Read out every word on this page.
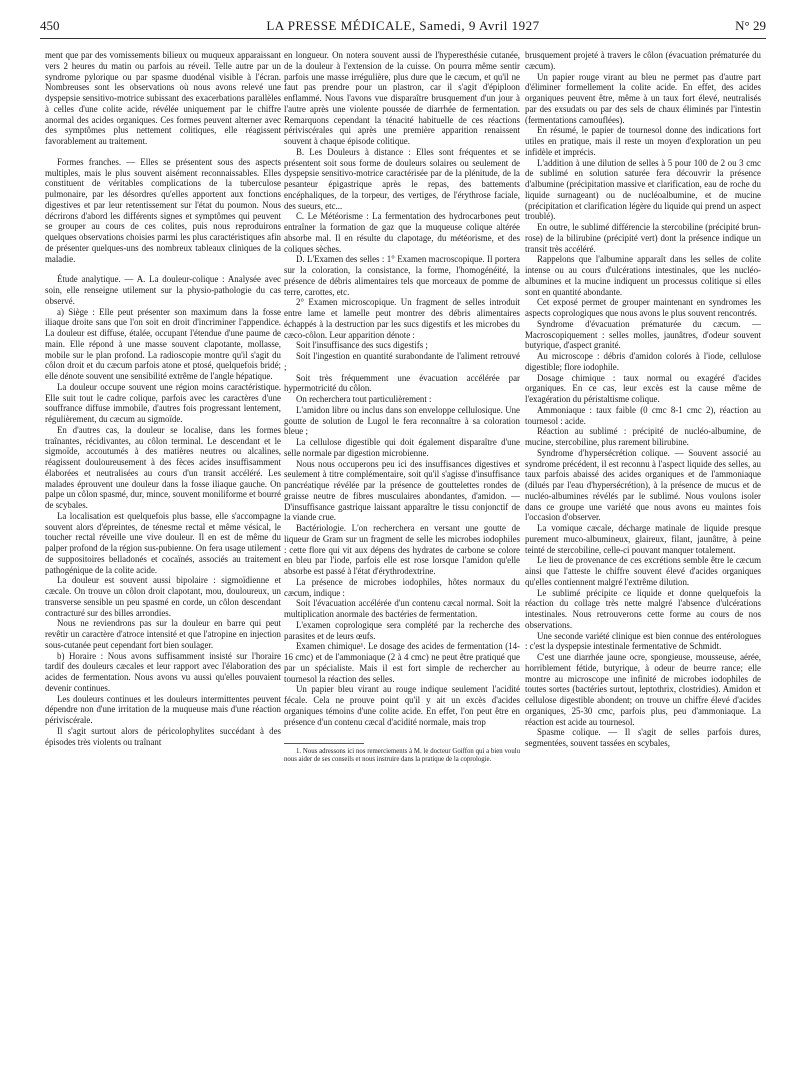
450	LA PRESSE MÉDICALE, Samedi, 9 Avril 1927	N° 29

ment que par des vomissements bilieux ou muqueux apparaissant vers 2 heures du matin ou parfois au réveil. Telle autre par un syndrome pylorique ou par spasme duodénal visible à l'écran. Nombreuses sont les observations où nous avons relevé une dyspepsie sensitivo-motrice subissant des exacerbations parallèles à celles d'une colite acide, révélée uniquement par le chiffre anormal des acides organiques. Ces formes peuvent alterner avec des symptômes plus nettement colitiques, elle réagissent favorablement au traitement.

Formes franches. — Elles se présentent sous des aspects multiples, mais le plus souvent aisément reconnaissables. Elles constituent de véritables complications de la tuberculose pulmonaire, par les désordres qu'elles apportent aux fonctions digestives et par leur retentissement sur l'état du poumon. Nous décrirons d'abord les différents signes et symptômes qui peuvent se grouper au cours de ces colites, puis nous reproduirons quelques observations choisies parmi les plus caractéristiques afin de présenter quelques-uns des nombreux tableaux cliniques de la maladie.

Étude analytique. — A. La douleur-colique : Analysée avec soin, elle renseigne utilement sur la physio-pathologie du cas observé.

a) Siège : Elle peut présenter son maximum dans la fosse iliaque droite sans que l'on soit en droit d'incriminer l'appendice. La douleur est diffuse, étalée, occupant l'étendue d'une paume de main. Elle répond à une masse souvent clapotante, mollasse, mobile sur le plan profond. La radioscopie montre qu'il s'agit du côlon droit et du cæcum parfois atone et ptosé, quelquefois bridé; elle dénote souvent une sensibilité extrême de l'angle hépatique.

La douleur occupe souvent une région moins caractéristique. Elle suit tout le cadre colique, parfois avec les caractères d'une souffrance diffuse immobile, d'autres fois progressant lentement, régulièrement, du cæcum au sigmoïde.

En d'autres cas, la douleur se localise, dans les formes traînantes, récidivantes, au côlon terminal. Le descendant et le sigmoïde, accoutumés à des matières neutres ou alcalines, réagissent douloureusement à des fèces acides insuffisamment élaborées et neutralisées au cours d'un transit accéléré. Les malades éprouvent une douleur dans la fosse iliaque gauche. On palpe un côlon spasmé, dur, mince, souvent moniliforme et bourré de scybales.

La localisation est quelquefois plus basse, elle s'accompagne souvent alors d'épreintes, de ténesme rectal et même vésical, le toucher rectal réveille une vive douleur. Il en est de même du palper profond de la région sus-pubienne. On fera usage utilement de suppositoires belladonés et cocaïnés, associés au traitement pathogénique de la colite acide.

La douleur est souvent aussi bipolaire : sigmoïdienne et cæcale. On trouve un côlon droit clapotant, mou, douloureux, un transverse sensible un peu spasmé en corde, un côlon descendant contracturé sur des billes arrondies.

Nous ne reviendrons pas sur la douleur en barre qui peut revêtir un caractère d'atroce intensité et que l'atropine en injection sous-cutanée peut cependant fort bien soulager.

b) Horaire : Nous avons suffisamment insisté sur l'horaire tardif des douleurs cæcales et leur rapport avec l'élaboration des acides de fermentation. Nous avons vu aussi qu'elles pouvaient devenir continues.

Les douleurs continues et les douleurs intermittentes peuvent dépendre non d'une irritation de la muqueuse mais d'une réaction périviscérale.

Il s'agit surtout alors de péricolophylites succédant à des épisodes très violents ou traînant

en longueur. On notera souvent aussi de l'hyperesthésie cutanée, de la douleur à l'extension de la cuisse. On pourra même sentir parfois une masse irrégulière, plus dure que le cæcum, et qu'il ne faut pas prendre pour un plastron, car il s'agit d'épiploon enflammé. Nous l'avons vue disparaître brusquement d'un jour à l'autre après une violente poussée de diarrhée de fermentation. Remarquons cependant la ténacité habituelle de ces réactions périviscérales qui après une première apparition renaissent souvent à chaque épisode colitique.

B. Les Douleurs à distance : Elles sont fréquentes et se présentent soit sous forme de douleurs solaires ou seulement de dyspepsie sensitivo-motrice caractérisée par de la plénitude, de la pesanteur épigastrique après le repas, des battements encéphaliques, de la torpeur, des vertiges, de l'érythrose faciale, des sueurs, etc...

C. Le Météorisme : La fermentation des hydrocarbones peut entraîner la formation de gaz que la muqueuse colique altérée absorbe mal. Il en résulte du clapotage, du météorisme, et des coliques sèches.

D. L'Examen des selles : 1° Examen macroscopique. Il portera sur la coloration, la consistance, la forme, l'homogénéité, la présence de débris alimentaires tels que morceaux de pomme de terre, carottes, etc.

2° Examen microscopique. Un fragment de selles introduit entre lame et lamelle peut montrer des débris alimentaires échappés à la destruction par les sucs digestifs et les microbes du cæco-côlon. Leur apparition dénote :

Soit l'insuffisance des sucs digestifs ;

Soit l'ingestion en quantité surabondante de l'aliment retrouvé ;

Soit très fréquemment une évacuation accélérée par hypermotricité du côlon.

On recherchera tout particulièrement :

L'amidon libre ou inclus dans son enveloppe cellulosique. Une goutte de solution de Lugol le fera reconnaître à sa coloration bleue ;

La cellulose digestible qui doit également disparaître d'une selle normale par digestion microbienne.

Nous nous occuperons peu ici des insuffisances digestives et seulement à titre complémentaire, soit qu'il s'agisse d'insuffisance pancréatique révélée par la présence de gouttelettes rondes de graisse neutre de fibres musculaires abondantes, d'amidon. — D'insuffisance gastrique laissant apparaître le tissu conjonctif de la viande crue.

Bactériologie. L'on recherchera en versant une goutte de liqueur de Gram sur un fragment de selle les microbes iodophiles : cette flore qui vit aux dépens des hydrates de carbone se colore en bleu par l'iode, parfois elle est rose lorsque l'amidon qu'elle absorbe est passé à l'état d'érythrodextrine.

La présence de microbes iodophiles, hôtes normaux du cæcum, indique :

Soit l'évacuation accélérée d'un contenu cæcal normal. Soit la multiplication anormale des bactéries de fermentation.

L'examen coprologique sera complété par la recherche des parasites et de leurs œufs.

Examen chimique¹. Le dosage des acides de fermentation (14-16 cmc) et de l'ammoniaque (2 à 4 cmc) ne peut être pratiqué que par un spécialiste. Mais il est fort simple de rechercher au tournesol la réaction des selles.

Un papier bleu virant au rouge indique seulement l'acidité fécale. Cela ne prouve point qu'il y ait un excès d'acides organiques témoins d'une colite acide. En effet, l'on peut être en présence d'un contenu cæcal d'acidité normale, mais trop

1. Nous adressons ici nos remerciements à M. le docteur Goiffon qui a bien voulu nous aider de ses conseils et nous instruire dans la pratique de la coprologie.

brusquement projeté à travers le côlon (évacuation prématurée du cæcum).

Un papier rouge virant au bleu ne permet pas d'autre part d'éliminer formellement la colite acide. En effet, des acides organiques peuvent être, même à un taux fort élevé, neutralisés par des exsudats ou par des sels de chaux éliminés par l'intestin (fermentations camouflées).

En résumé, le papier de tournesol donne des indications fort utiles en pratique, mais il reste un moyen d'exploration un peu infidèle et imprécis.

L'addition à une dilution de selles à 5 pour 100 de 2 ou 3 cmc de sublimé en solution saturée fera découvrir la présence d'albumine (précipitation massive et clarification, eau de roche du liquide surnageant) ou de nucléoalbumine, et de mucine (précipitation et clarification légère du liquide qui prend un aspect troublé).

En outre, le sublimé différencie la stercobiline (précipité brun-rose) de la bilirubine (précipité vert) dont la présence indique un transit très accéléré.

Rappelons que l'albumine apparaît dans les selles de colite intense ou au cours d'ulcérations intestinales, que les nucléo-albumines et la mucine indiquent un processus colitique si elles sont en quantité abondante.

Cet exposé permet de grouper maintenant en syndromes les aspects coprologiques que nous avons le plus souvent rencontrés.

Syndrome d'évacuation prématurée du cæcum. — Macroscopiquement : selles molles, jaunâtres, d'odeur souvent butyrique, d'aspect granité.

Au microscope : débris d'amidon colorés à l'iode, cellulose digestible; flore iodophile.

Dosage chimique : taux normal ou exagéré d'acides organiques. En ce cas, leur excès est la cause même de l'exagération du péristaltisme colique.

Ammoniaque : taux faible (0 cmc 8-1 cmc 2), réaction au tournesol : acide.

Réaction au sublimé : précipité de nucléo-albumine, de mucine, stercobiline, plus rarement bilirubine.

Syndrome d'hypersécrétion colique. — Souvent associé au syndrome précédent, il est reconnu à l'aspect liquide des selles, au taux parfois abaissé des acides organiques et de l'ammoniaque (dilués par l'eau d'hypersécrétion), à la présence de mucus et de nucléo-albumines révélés par le sublimé. Nous voulons isoler dans ce groupe une variété que nous avons eu maintes fois l'occasion d'observer.

La vomique cæcale, décharge matinale de liquide presque purement muco-albumineux, glaireux, filant, jaunâtre, à peine teinté de stercobiline, celle-ci pouvant manquer totalement.

Le lieu de provenance de ces excrétions semble être le cæcum ainsi que l'atteste le chiffre souvent élevé d'acides organiques qu'elles contiennent malgré l'extrême dilution.

Le sublimé précipite ce liquide et donne quelquefois la réaction du collage très nette malgré l'absence d'ulcérations intestinales. Nous retrouverons cette forme au cours de nos observations.

Une seconde variété clinique est bien connue des entérologues : c'est la dyspepsie intestinale fermentative de Schmidt.

C'est une diarrhée jaune ocre, spongieuse, mousseuse, aérée, horriblement fétide, butyrique, à odeur de beurre rance; elle montre au microscope une infinité de microbes iodophiles de toutes sortes (bactéries surtout, leptothrix, clostridies). Amidon et cellulose digestible abondent; on trouve un chiffre élevé d'acides organiques, 25-30 cmc, parfois plus, peu d'ammoniaque. La réaction est acide au tournesol.

Spasme colique. — Il s'agit de selles parfois dures, segmentées, souvent tassées en scybales,
